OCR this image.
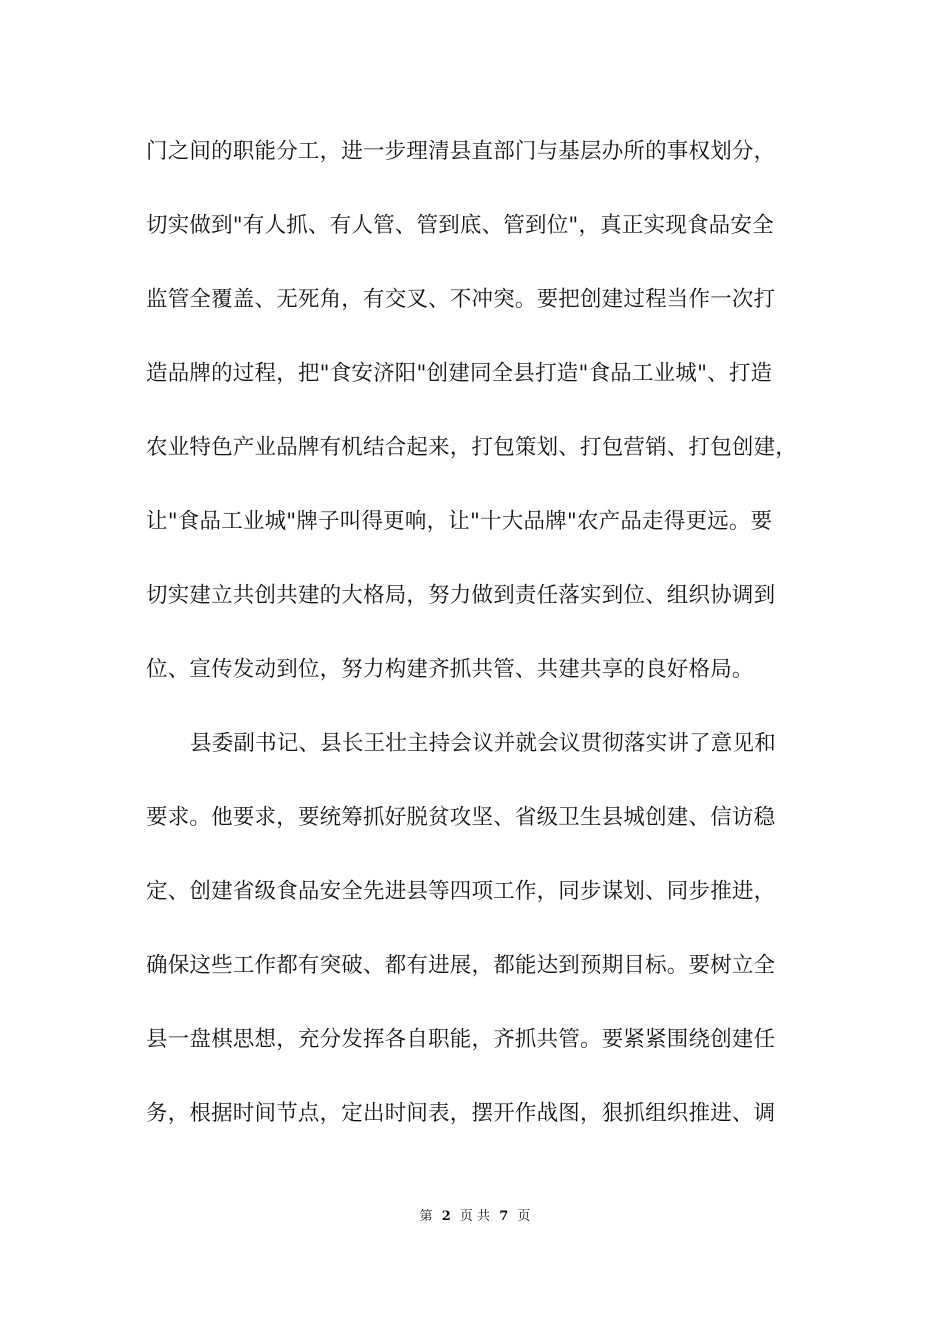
门之间的职能分工，进一步理清县直部门与基层办所的事权划分，
切实做到"有人抓、有人管、管到底、管到位"，真正实现食品安全
监管全覆盖、无死角，有交叉、不冲突。要把创建过程当作一次打
造品牌的过程，把"食安济阳"创建同全县打造"食品工业城"、打造
农业特色产业品牌有机结合起来，打包策划、打包营销、打包创建，
让"食品工业城"牌子叫得更响，让"十大品牌"农产品走得更远。要
切实建立共创共建的大格局，努力做到责任落实到位、组织协调到
位、宣传发动到位，努力构建齐抓共管、共建共享的良好格局。
县委副书记、县长王壮主持会议并就会议贯彻落实讲了意见和
要求。他要求，要统筹抓好脱贫攻坚、省级卫生县城创建、信访稳
定、创建省级食品安全先进县等四项工作，同步谋划、同步推进，
确保这些工作都有突破、都有进展，都能达到预期目标。要树立全
县一盘棋思想，充分发挥各自职能，齐抓共管。要紧紧围绕创建任
务，根据时间节点，定出时间表，摆开作战图，狠抓组织推进、调
第 2 页 共 7 页
